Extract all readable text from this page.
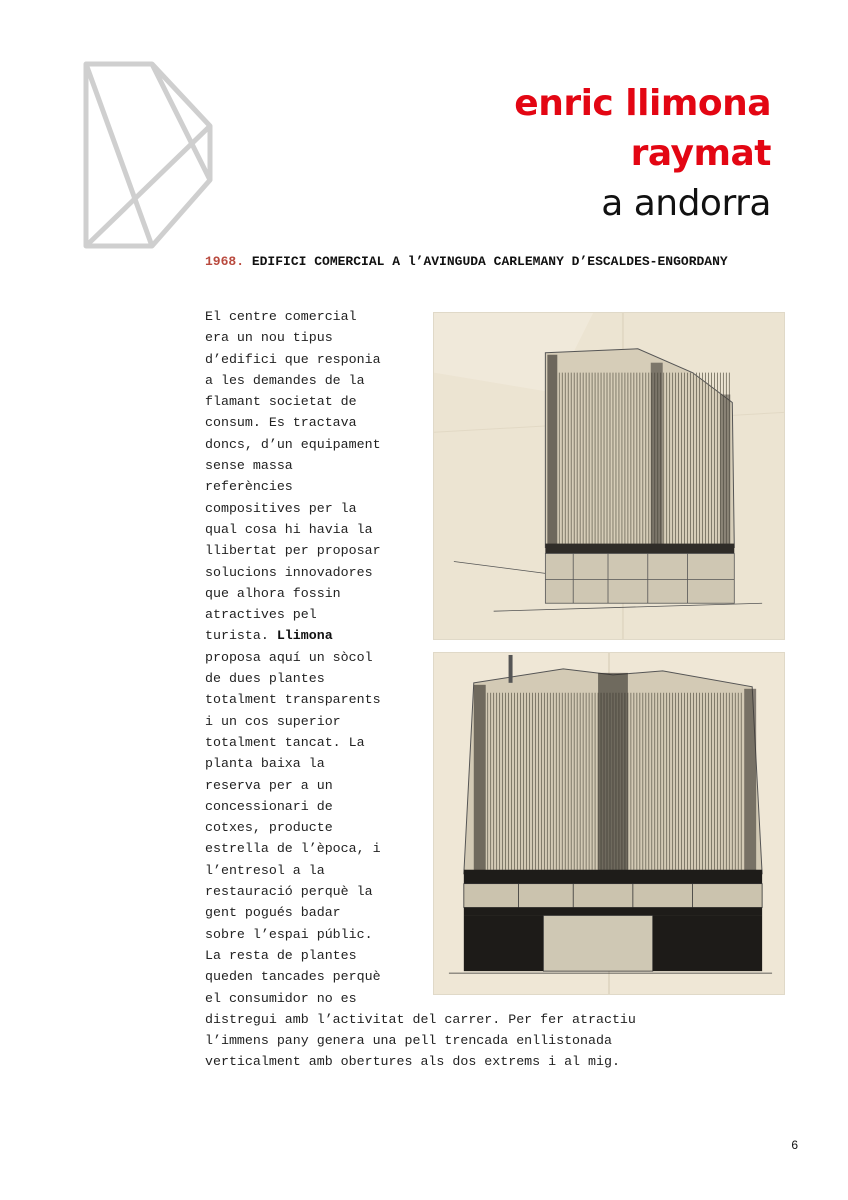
enric llimona
raymat
a andorra
1968. EDIFICI COMERCIAL A l’AVINGUDA CARLEMANY D’ESCALDES-ENGORDANY
El centre comercial
era un nou tipus
d’edifici que responia
a les demandes de la
flamant societat de
consum. Es tractava
doncs, d’un equipament
sense massa
referències
compositives per la
qual cosa hi havia la
llibertat per proposar
solucions innovadores
que alhora fossin
atractives pel
turista. Llimona
proposa aquí un sòcol
de dues plantes
totalment transparents
i un cos superior
totalment tancat. La
planta baixa la
reserva per a un
concessionari de
cotxes, producte
estrella de l’època, i
l’entresol a la
restauració perquè la
gent pogués badar
sobre l’espai públic.
La resta de plantes
queden tancades perquè
el consumidor no es
distregui amb l’activitat del carrer. Per fer atractiu
l’immens pany genera una pell trencada enllistonada
verticalment amb obertures als dos extrems i al mig.
6
